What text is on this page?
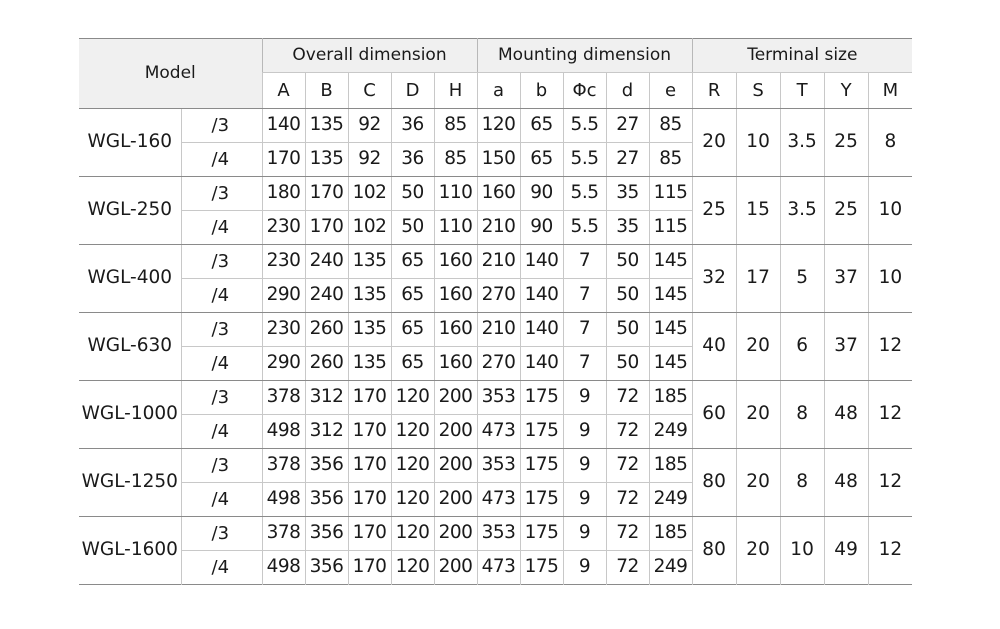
Model		Overall dimension					Mounting dimension					Terminal size				
		A	B	C	D	H	a	b	Φc	d	e	R	S	T	Y	M
WGL-160	/3	140	135	92	36	85	120	65	5.5	27	85	20	10	3.5	25	8
	/4	170	135	92	36	85	150	65	5.5	27	85					
WGL-250	/3	180	170	102	50	110	160	90	5.5	35	115	25	15	3.5	25	10
	/4	230	170	102	50	110	210	90	5.5	35	115					
WGL-400	/3	230	240	135	65	160	210	140	7	50	145	32	17	5	37	10
	/4	290	240	135	65	160	270	140	7	50	145					
WGL-630	/3	230	260	135	65	160	210	140	7	50	145	40	20	6	37	12
	/4	290	260	135	65	160	270	140	7	50	145					
WGL-1000	/3	378	312	170	120	200	353	175	9	72	185	60	20	8	48	12
	/4	498	312	170	120	200	473	175	9	72	249					
WGL-1250	/3	378	356	170	120	200	353	175	9	72	185	80	20	8	48	12
	/4	498	356	170	120	200	473	175	9	72	249					
WGL-1600	/3	378	356	170	120	200	353	175	9	72	185	80	20	10	49	12
	/4	498	356	170	120	200	473	175	9	72	249					
